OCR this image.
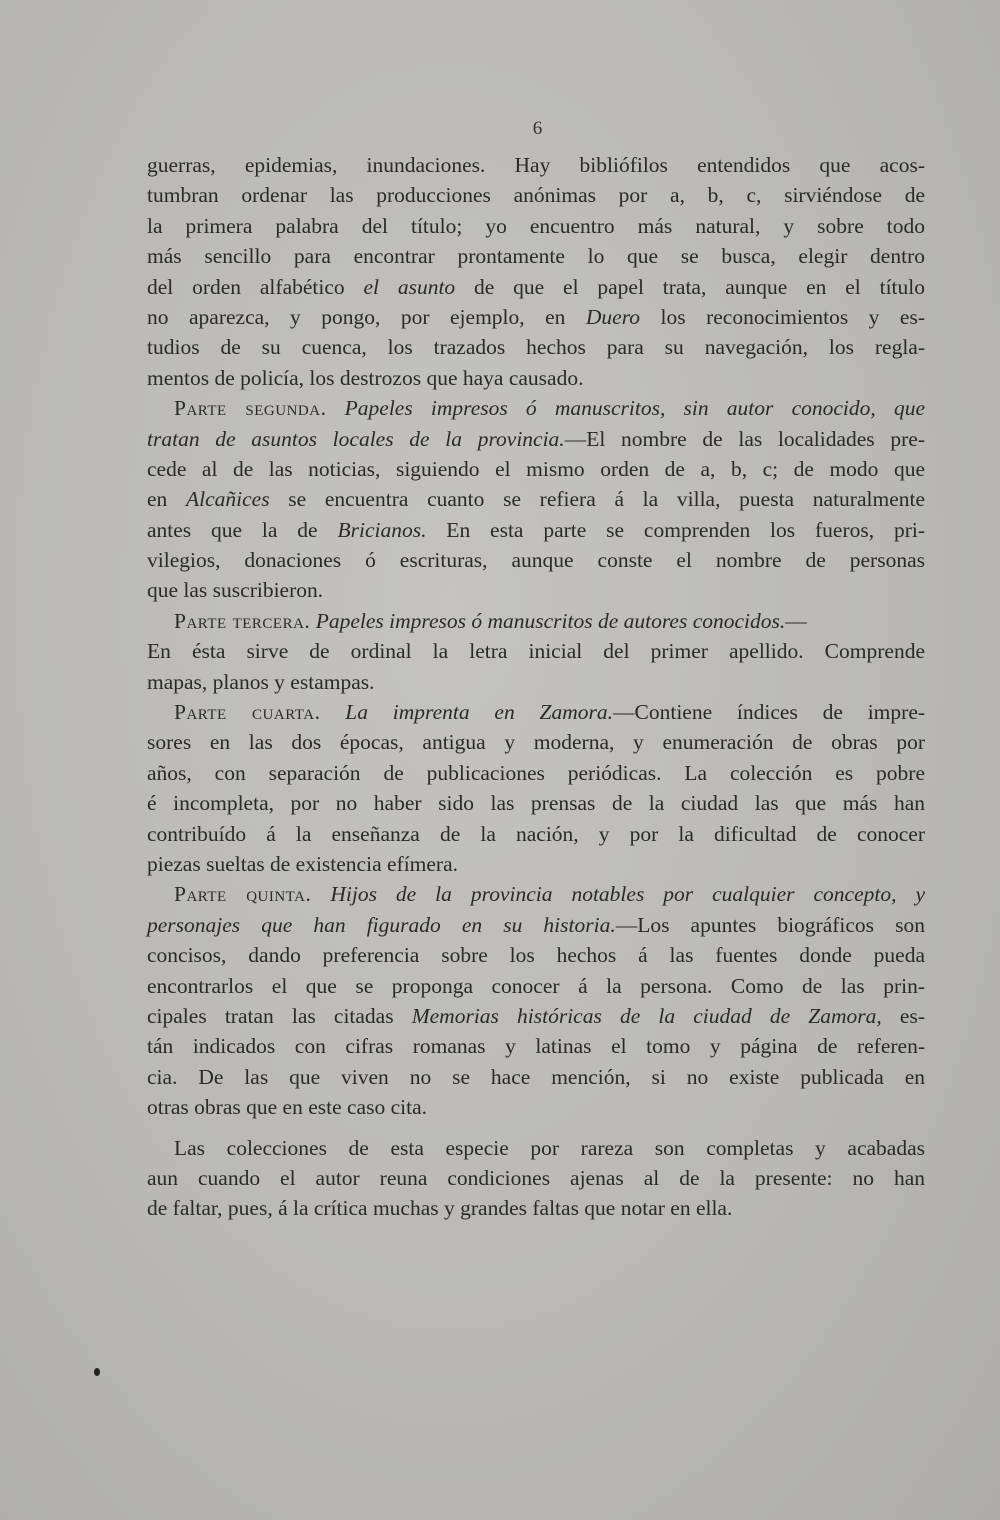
6
guerras, epidemias, inundaciones. Hay bibliófilos entendidos que acos-
tumbran ordenar las producciones anónimas por a, b, c, sirviéndose de
la primera palabra del título; yo encuentro más natural, y sobre todo
más sencillo para encontrar prontamente lo que se busca, elegir dentro
del orden alfabético el asunto de que el papel trata, aunque en el título
no aparezca, y pongo, por ejemplo, en Duero los reconocimientos y es-
tudios de su cuenca, los trazados hechos para su navegación, los regla-
mentos de policía, los destrozos que haya causado.
Parte segunda. Papeles impresos ó manuscritos, sin autor conocido, que
tratan de asuntos locales de la provincia.—El nombre de las localidades pre-
cede al de las noticias, siguiendo el mismo orden de a, b, c; de modo que
en Alcañices se encuentra cuanto se refiera á la villa, puesta naturalmente
antes que la de Bricianos. En esta parte se comprenden los fueros, pri-
vilegios, donaciones ó escrituras, aunque conste el nombre de personas
que las suscribieron.
Parte tercera. Papeles impresos ó manuscritos de autores conocidos.—
En ésta sirve de ordinal la letra inicial del primer apellido. Comprende
mapas, planos y estampas.
Parte cuarta. La imprenta en Zamora.—Contiene índices de impre-
sores en las dos épocas, antigua y moderna, y enumeración de obras por
años, con separación de publicaciones periódicas. La colección es pobre
é incompleta, por no haber sido las prensas de la ciudad las que más han
contribuído á la enseñanza de la nación, y por la dificultad de conocer
piezas sueltas de existencia efímera.
Parte quinta. Hijos de la provincia notables por cualquier concepto, y
personajes que han figurado en su historia.—Los apuntes biográficos son
concisos, dando preferencia sobre los hechos á las fuentes donde pueda
encontrarlos el que se proponga conocer á la persona. Como de las prin-
cipales tratan las citadas Memorias históricas de la ciudad de Zamora, es-
tán indicados con cifras romanas y latinas el tomo y página de referen-
cia. De las que viven no se hace mención, si no existe publicada en
otras obras que en este caso cita.
Las colecciones de esta especie por rareza son completas y acabadas
aun cuando el autor reuna condiciones ajenas al de la presente: no han
de faltar, pues, á la crítica muchas y grandes faltas que notar en ella.
